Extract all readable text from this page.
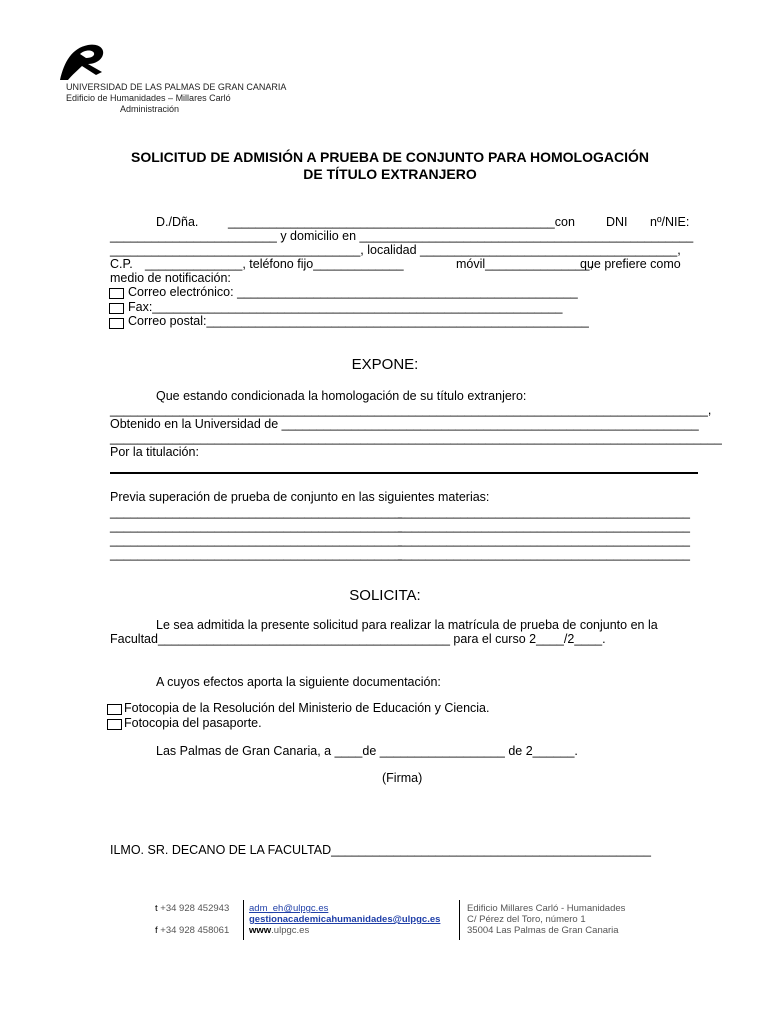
UNIVERSIDAD DE LAS PALMAS DE GRAN CANARIA
Edificio de Humanidades – Millares Carló
Administración
SOLICITUD DE ADMISIÓN A PRUEBA DE CONJUNTO PARA HOMOLOGACIÓN
DE TÍTULO EXTRANJERO
D./Dña. _______________________________________________con DNI nº/NIE:
________________________ y domicilio en ________________________________________________
____________________________________, localidad _____________________________________,
C.P. ______________, teléfono fijo_____________	móvil_______________,
que prefiere como
medio de notificación:
Correo electrónico: _________________________________________________
Fax:___________________________________________________________
Correo postal:_______________________________________________________
EXPONE:
Que estando condicionada la homologación de su título extranjero:
______________________________________________________________________________________,
Obtenido en la Universidad de ____________________________________________________________
________________________________________________________________________________________
Por la titulación:
Previa superación de prueba de conjunto en las siguientes materias:
__________________________________________
__________________________________________
__________________________________________
__________________________________________
__________________________________________
__________________________________________
__________________________________________
__________________________________________
SOLICITA:
Le sea admitida la presente solicitud para realizar la matrícula de prueba de conjunto en la
Facultad__________________________________________ para el curso 2____/2____.
A cuyos efectos aporta la siguiente documentación:
Fotocopia de la Resolución del Ministerio de Educación y Ciencia.
Fotocopia del pasaporte.
Las Palmas de Gran Canaria, a ____de __________________ de 2______.
(Firma)
ILMO. SR. DECANO DE LA FACULTAD______________________________________________
t +34 928 452943
f +34 928 458061
adm_eh@ulpgc.es
gestionacademicahumanidades@ulpgc.es
www.ulpgc.es
Edificio Millares Carló - Humanidades
C/ Pérez del Toro, número 1
35004 Las Palmas de Gran Canaria
